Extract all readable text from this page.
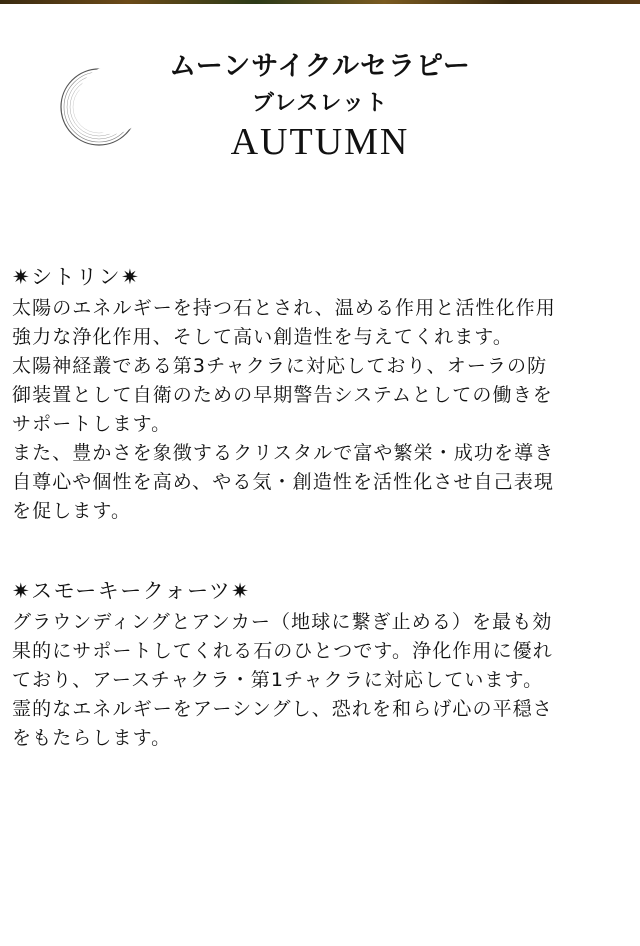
ムーンサイクルセラピー
ブレスレット
AUTUMN
✷シトリン✷
太陽のエネルギーを持つ石とされ、温める作用と活性化作用
強力な浄化作用、そして高い創造性を与えてくれます。
太陽神経叢である第3チャクラに対応しており、オーラの防
御装置として自衛のための早期警告システムとしての働きを
サポートします。
また、豊かさを象徴するクリスタルで富や繁栄・成功を導き
自尊心や個性を高め、やる気・創造性を活性化させ自己表現
を促します。
✷スモーキークォーツ✷
グラウンディングとアンカー（地球に繋ぎ止める）を最も効
果的にサポートしてくれる石のひとつです。浄化作用に優れ
ており、アースチャクラ・第1チャクラに対応しています。
霊的なエネルギーをアーシングし、恐れを和らげ心の平穏さ
をもたらします。
